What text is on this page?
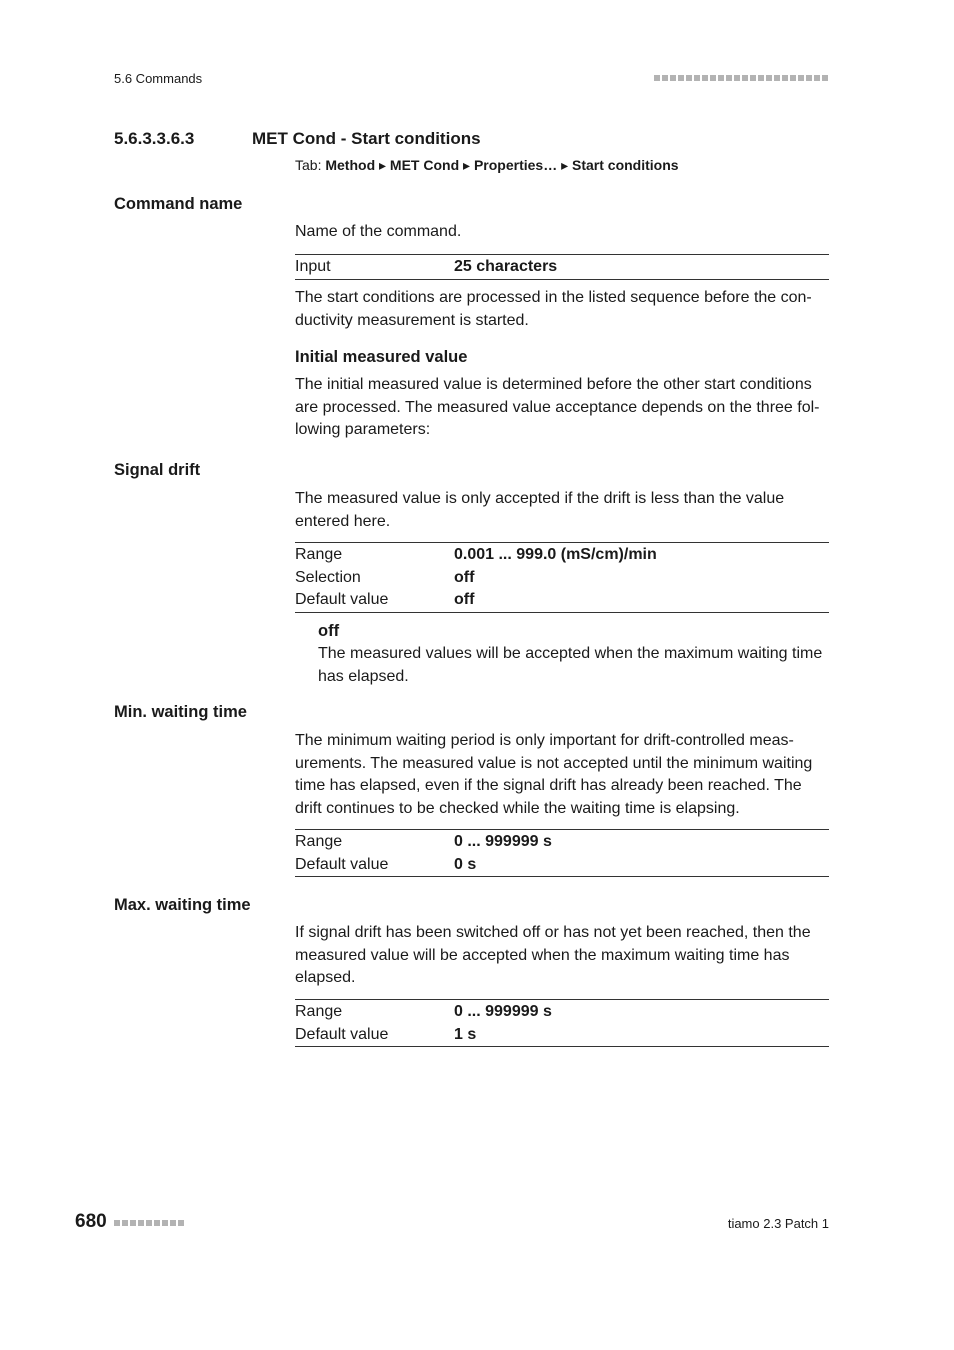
5.6 Commands
5.6.3.3.6.3	MET Cond - Start conditions
Tab: Method ▸ MET Cond ▸ Properties… ▸ Start conditions
Command name
Name of the command.
Input	25 characters
The start conditions are processed in the listed sequence before the con-ductivity measurement is started.
Initial measured value
The initial measured value is determined before the other start conditions are processed. The measured value acceptance depends on the three fol-lowing parameters:
Signal drift
The measured value is only accepted if the drift is less than the value entered here.
Range	0.001 ... 999.0 (mS/cm)/min
Selection	off
Default value	off
off
The measured values will be accepted when the maximum waiting time has elapsed.
Min. waiting time
The minimum waiting period is only important for drift-controlled meas-urements. The measured value is not accepted until the minimum waiting time has elapsed, even if the signal drift has already been reached. The drift continues to be checked while the waiting time is elapsing.
Range	0 ... 999999 s
Default value	0 s
Max. waiting time
If signal drift has been switched off or has not yet been reached, then the measured value will be accepted when the maximum waiting time has elapsed.
Range	0 ... 999999 s
Default value	1 s
680	tiamo 2.3 Patch 1
